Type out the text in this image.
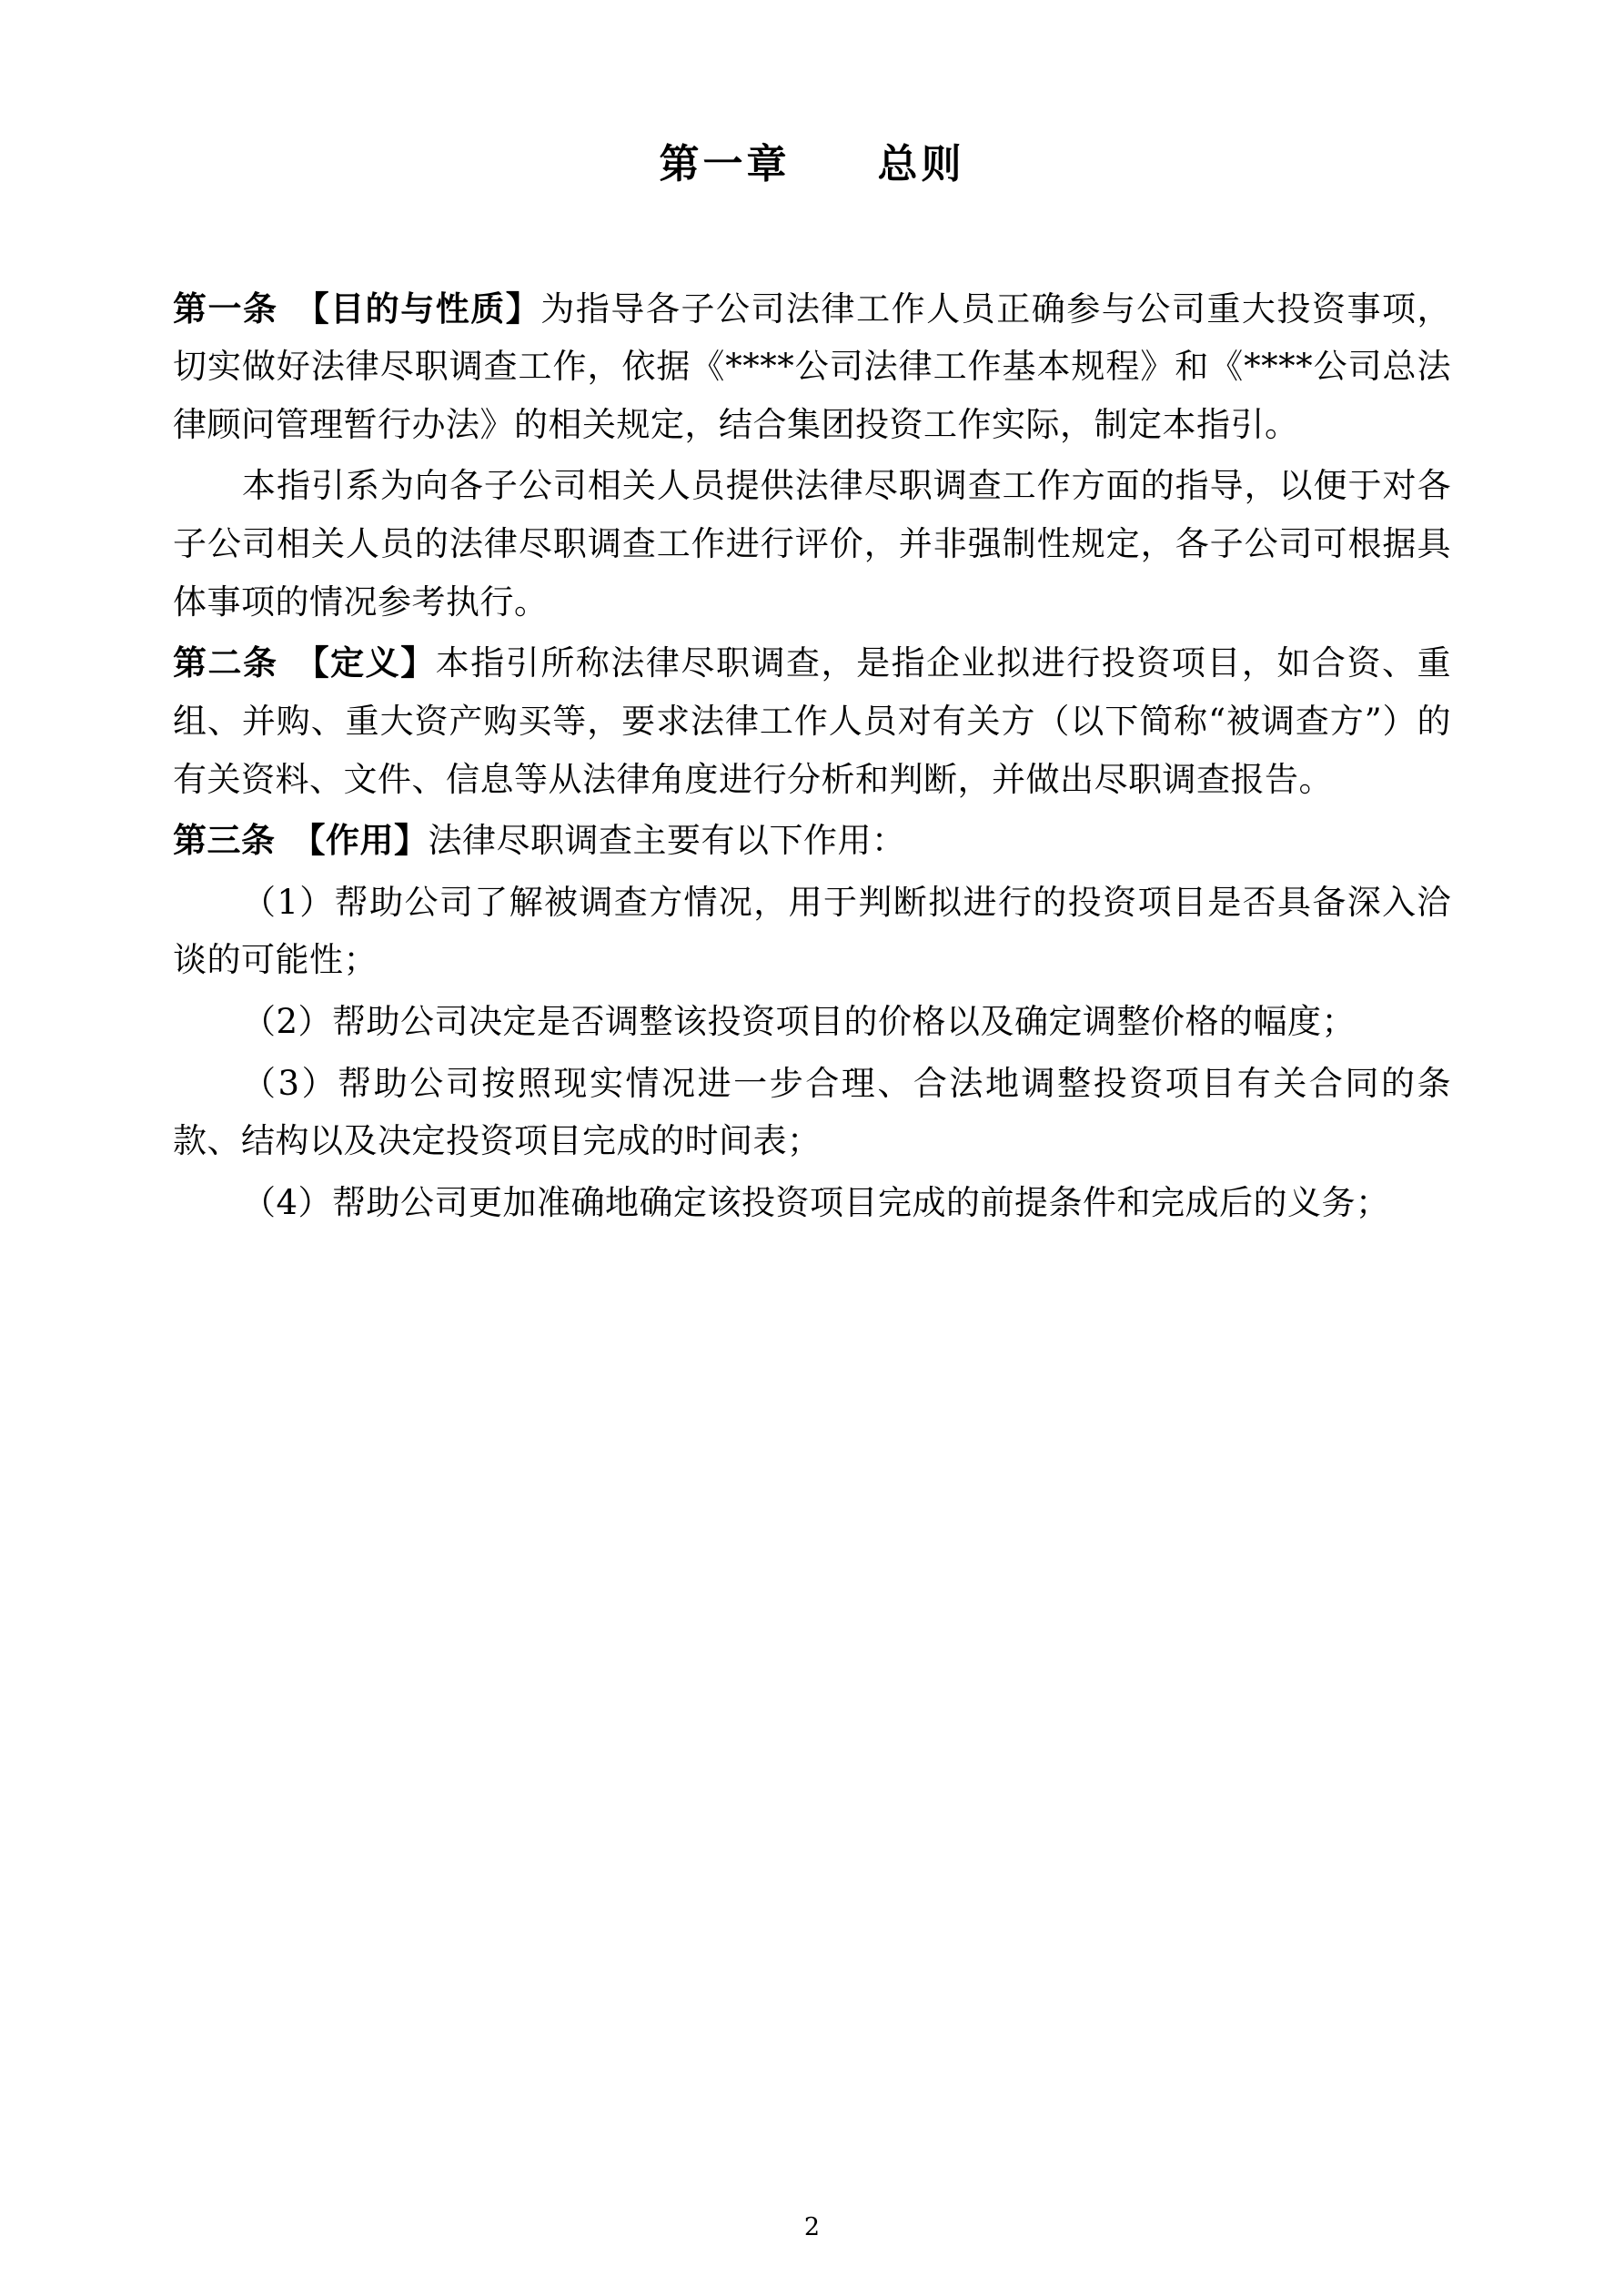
第一章　　总则

第一条 【目的与性质】为指导各子公司法律工作人员正确参与公司重大投资事项，切实做好法律尽职调查工作，依据《****公司法律工作基本规程》和《****公司总法律顾问管理暂行办法》的相关规定，结合集团投资工作实际，制定本指引。

本指引系为向各子公司相关人员提供法律尽职调查工作方面的指导，以便于对各子公司相关人员的法律尽职调查工作进行评价，并非强制性规定，各子公司可根据具体事项的情况参考执行。

第二条 【定义】本指引所称法律尽职调查，是指企业拟进行投资项目，如合资、重组、并购、重大资产购买等，要求法律工作人员对有关方（以下简称“被调查方”）的有关资料、文件、信息等从法律角度进行分析和判断，并做出尽职调查报告。

第三条 【作用】法律尽职调查主要有以下作用：

（1）帮助公司了解被调查方情况，用于判断拟进行的投资项目是否具备深入洽谈的可能性；

（2）帮助公司决定是否调整该投资项目的价格以及确定调整价格的幅度；

（3）帮助公司按照现实情况进一步合理、合法地调整投资项目有关合同的条款、结构以及决定投资项目完成的时间表；

（4）帮助公司更加准确地确定该投资项目完成的前提条件和完成后的义务；

2
